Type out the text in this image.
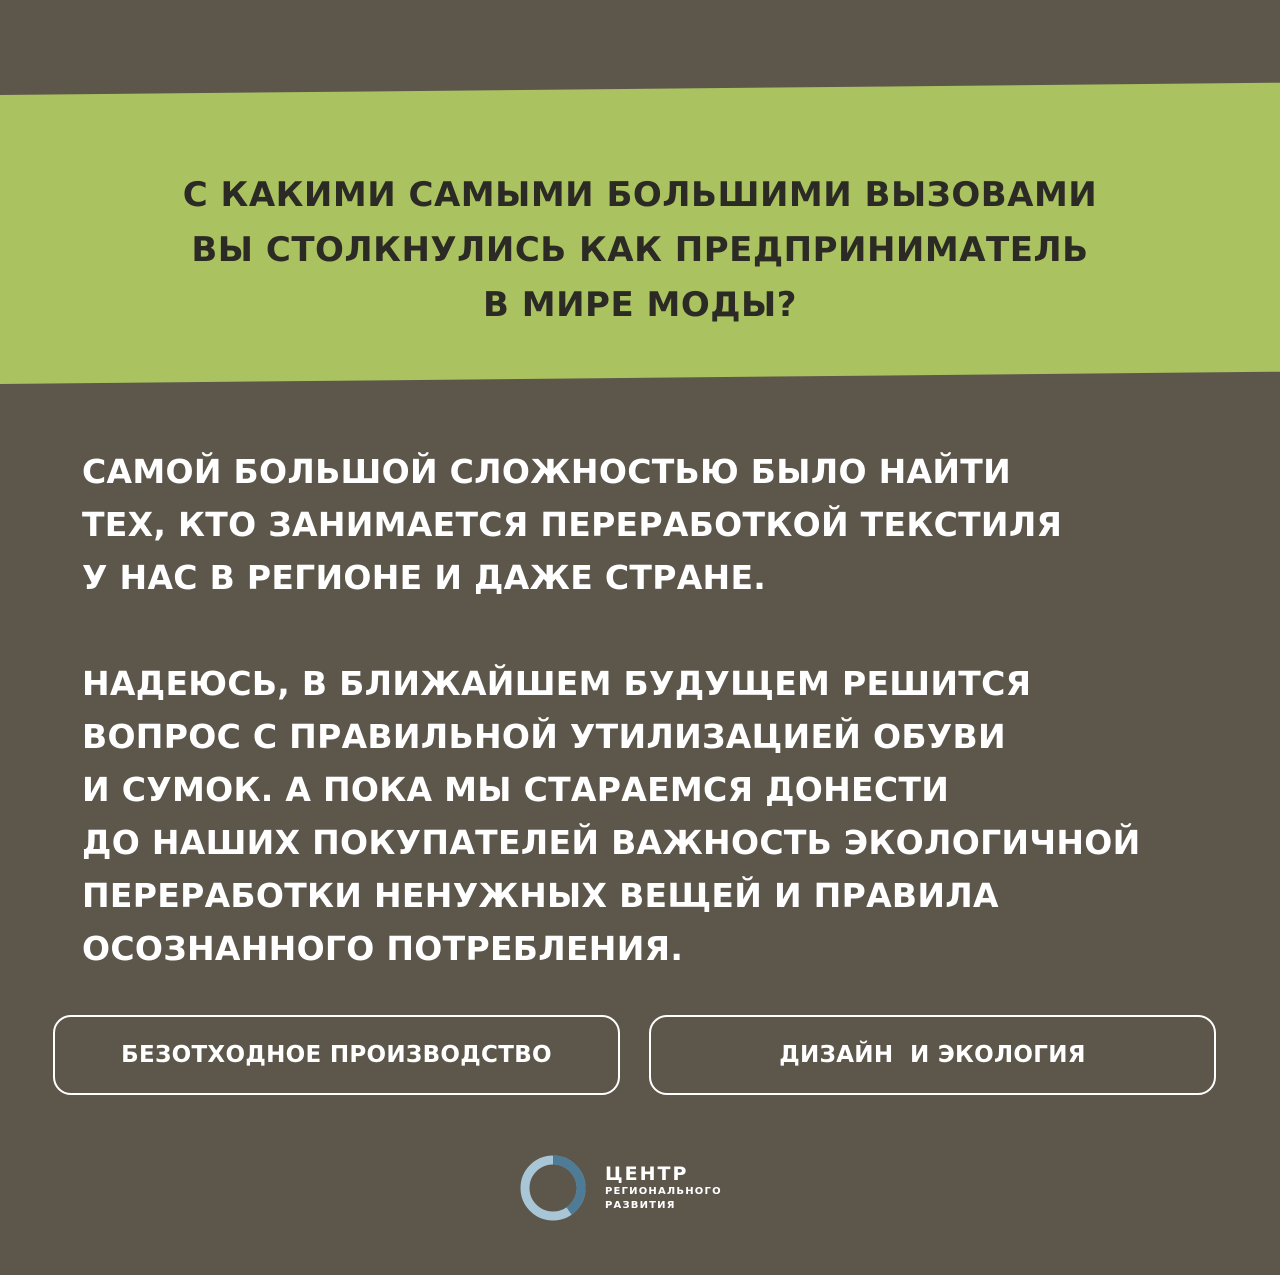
С КАКИМИ САМЫМИ БОЛЬШИМИ ВЫЗОВАМИ
ВЫ СТОЛКНУЛИСЬ КАК ПРЕДПРИНИМАТЕЛЬ
В МИРЕ МОДЫ?

САМОЙ БОЛЬШОЙ СЛОЖНОСТЬЮ БЫЛО НАЙТИ
ТЕХ, КТО ЗАНИМАЕТСЯ ПЕРЕРАБОТКОЙ ТЕКСТИЛЯ
У НАС В РЕГИОНЕ И ДАЖЕ СТРАНЕ.

НАДЕЮСЬ, В БЛИЖАЙШЕМ БУДУЩЕМ РЕШИТСЯ
ВОПРОС С ПРАВИЛЬНОЙ УТИЛИЗАЦИЕЙ ОБУВИ
И СУМОК. А ПОКА МЫ СТАРАЕМСЯ ДОНЕСТИ
ДО НАШИХ ПОКУПАТЕЛЕЙ ВАЖНОСТЬ ЭКОЛОГИЧНОЙ
ПЕРЕРАБОТКИ НЕНУЖНЫХ ВЕЩЕЙ И ПРАВИЛА
ОСОЗНАННОГО ПОТРЕБЛЕНИЯ.

БЕЗОТХОДНОЕ ПРОИЗВОДСТВО	ДИЗАЙН  И ЭКОЛОГИЯ
ЦЕНТР
РЕГИОНАЛЬНОГО
РАЗВИТИЯ
